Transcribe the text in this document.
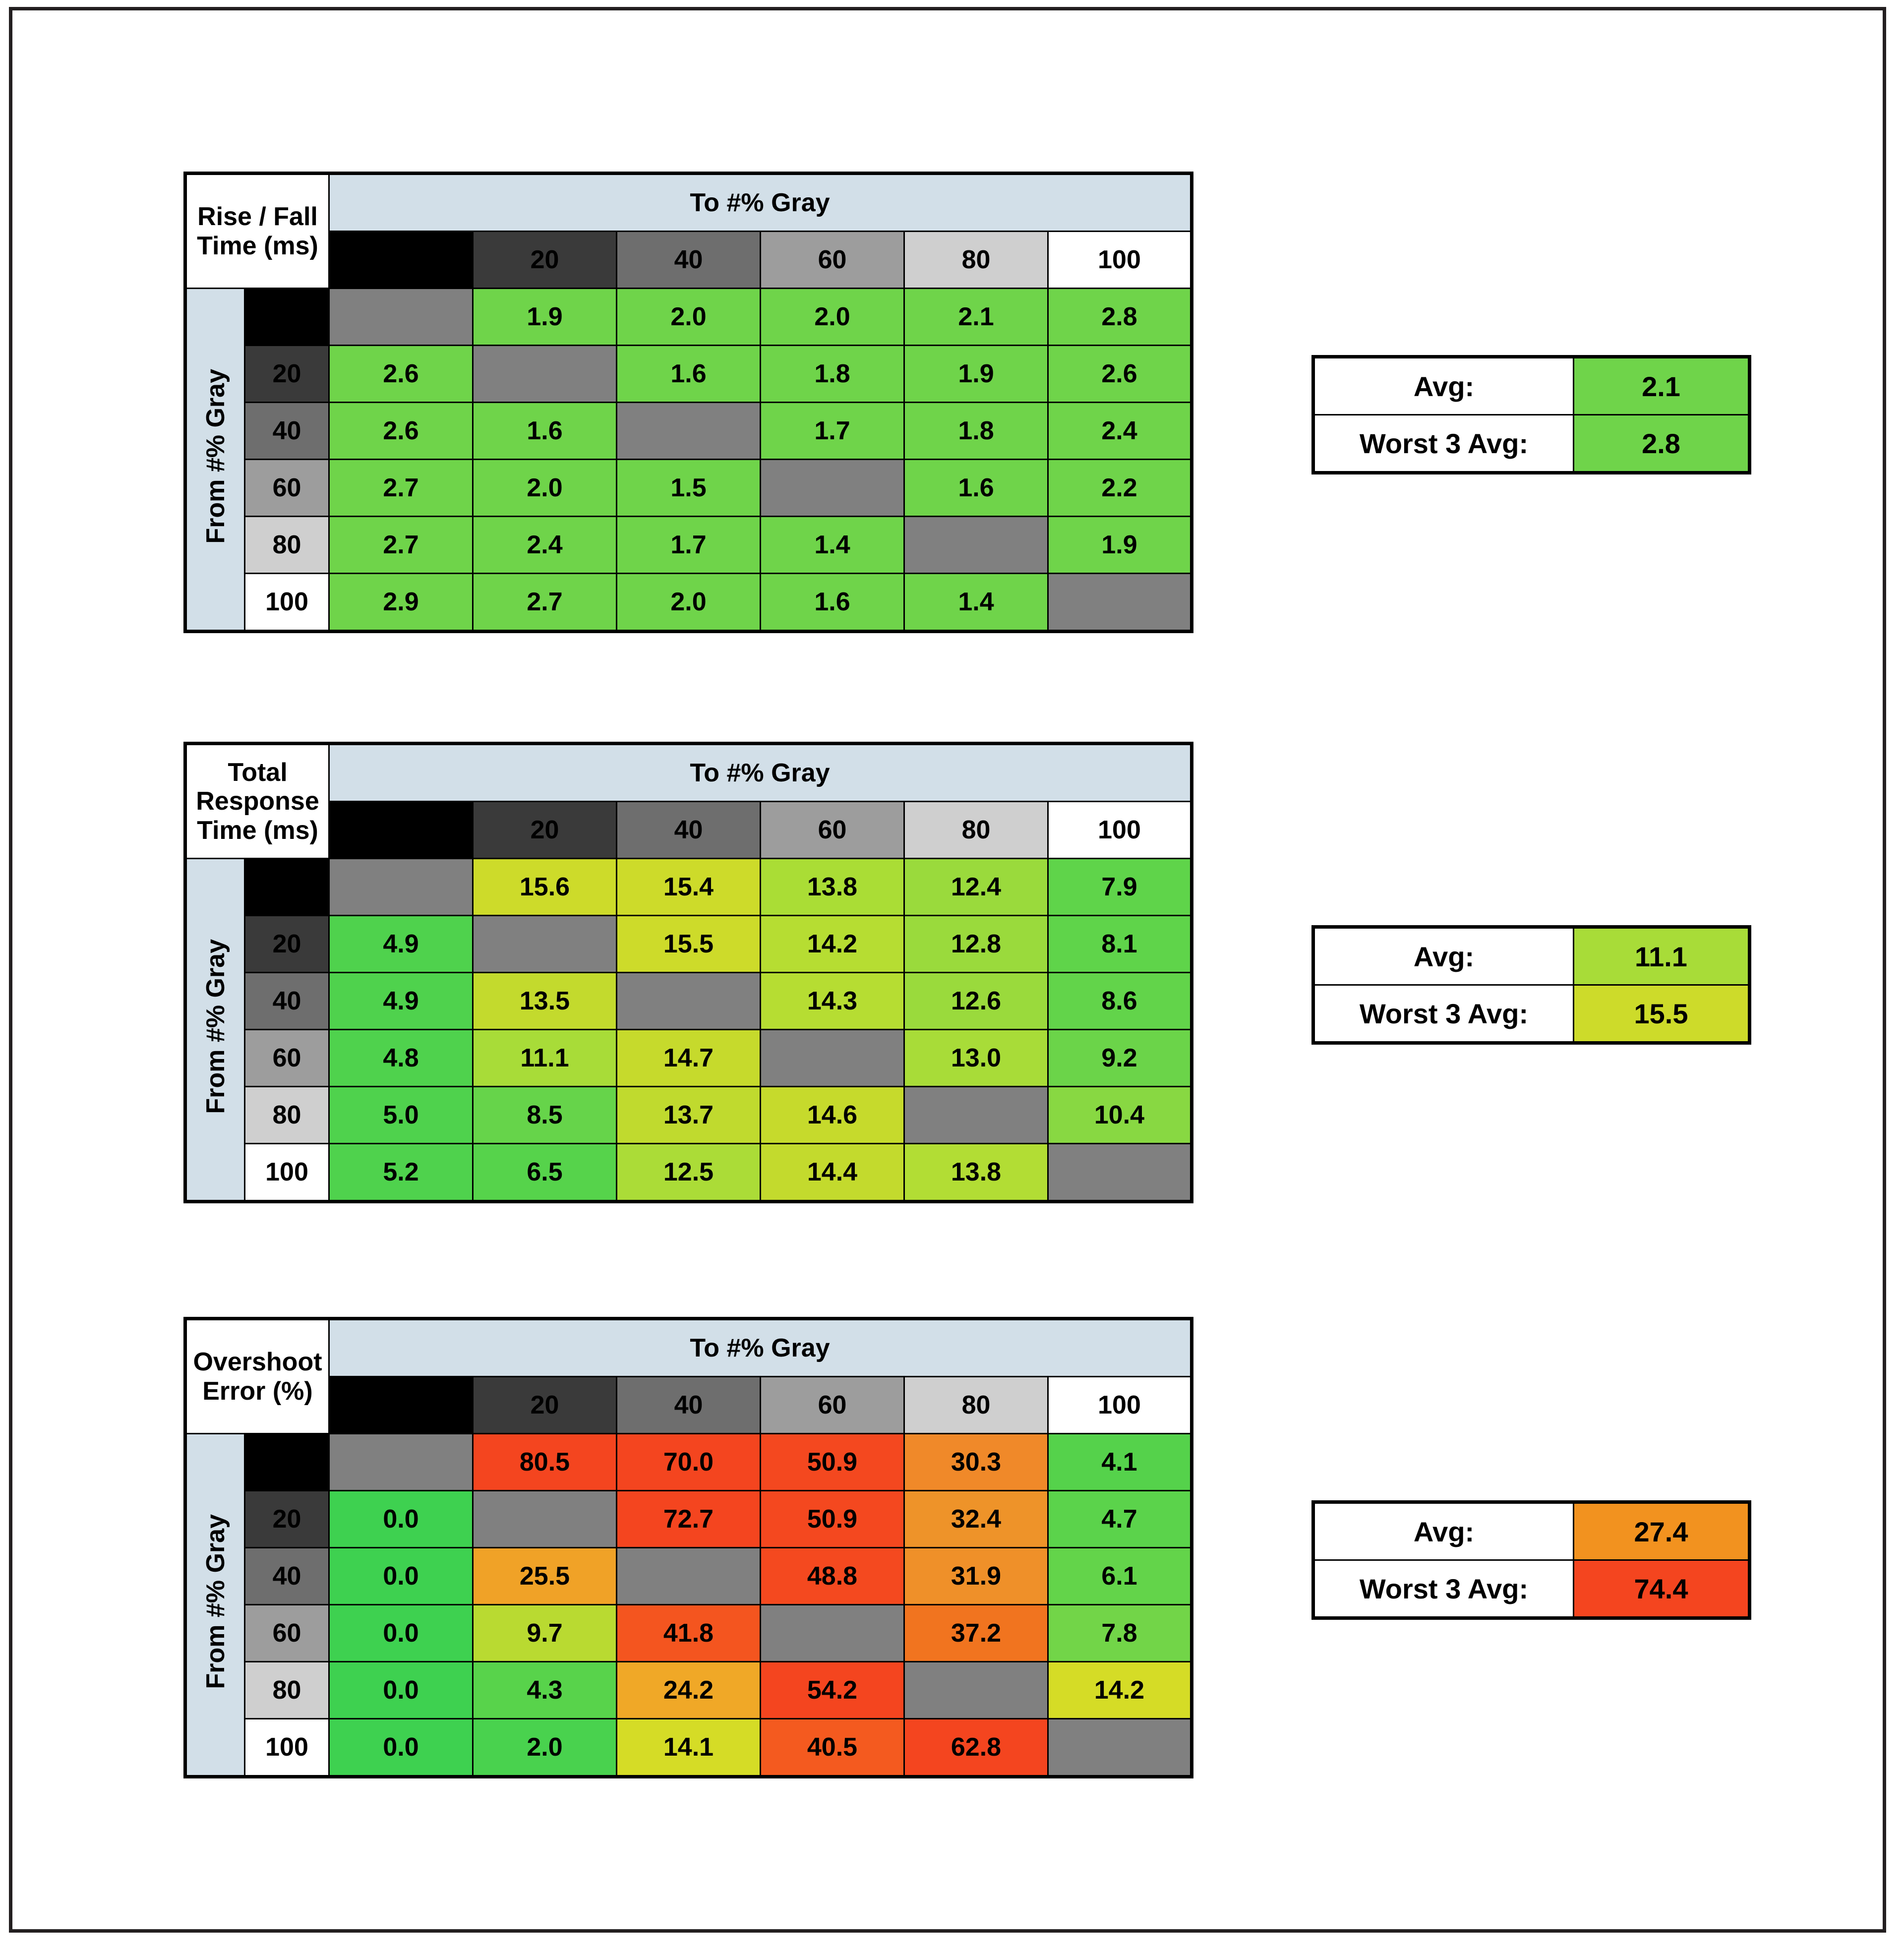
Rise / Fall
Time (ms)		To #% Gray					
		0	20	40	60	80	100
From #% Gray	0		1.9	2.0	2.0	2.1	2.8
	20	2.6		1.6	1.8	1.9	2.6
	40	2.6	1.6		1.7	1.8	2.4
	60	2.7	2.0	1.5		1.6	2.2
	80	2.7	2.4	1.7	1.4		1.9
	100	2.9	2.7	2.0	1.6	1.4	
Avg:	2.1
Worst 3 Avg:	2.8
Total Response
Time (ms)		To #% Gray					
		0	20	40	60	80	100
From #% Gray	0		15.6	15.4	13.8	12.4	7.9
	20	4.9		15.5	14.2	12.8	8.1
	40	4.9	13.5		14.3	12.6	8.6
	60	4.8	11.1	14.7		13.0	9.2
	80	5.0	8.5	13.7	14.6		10.4
	100	5.2	6.5	12.5	14.4	13.8	
Avg:	11.1
Worst 3 Avg:	15.5
Overshoot
Error (%)		To #% Gray					
		0	20	40	60	80	100
From #% Gray	0		80.5	70.0	50.9	30.3	4.1
	20	0.0		72.7	50.9	32.4	4.7
	40	0.0	25.5		48.8	31.9	6.1
	60	0.0	9.7	41.8		37.2	7.8
	80	0.0	4.3	24.2	54.2		14.2
	100	0.0	2.0	14.1	40.5	62.8	
Avg:	27.4
Worst 3 Avg:	74.4
